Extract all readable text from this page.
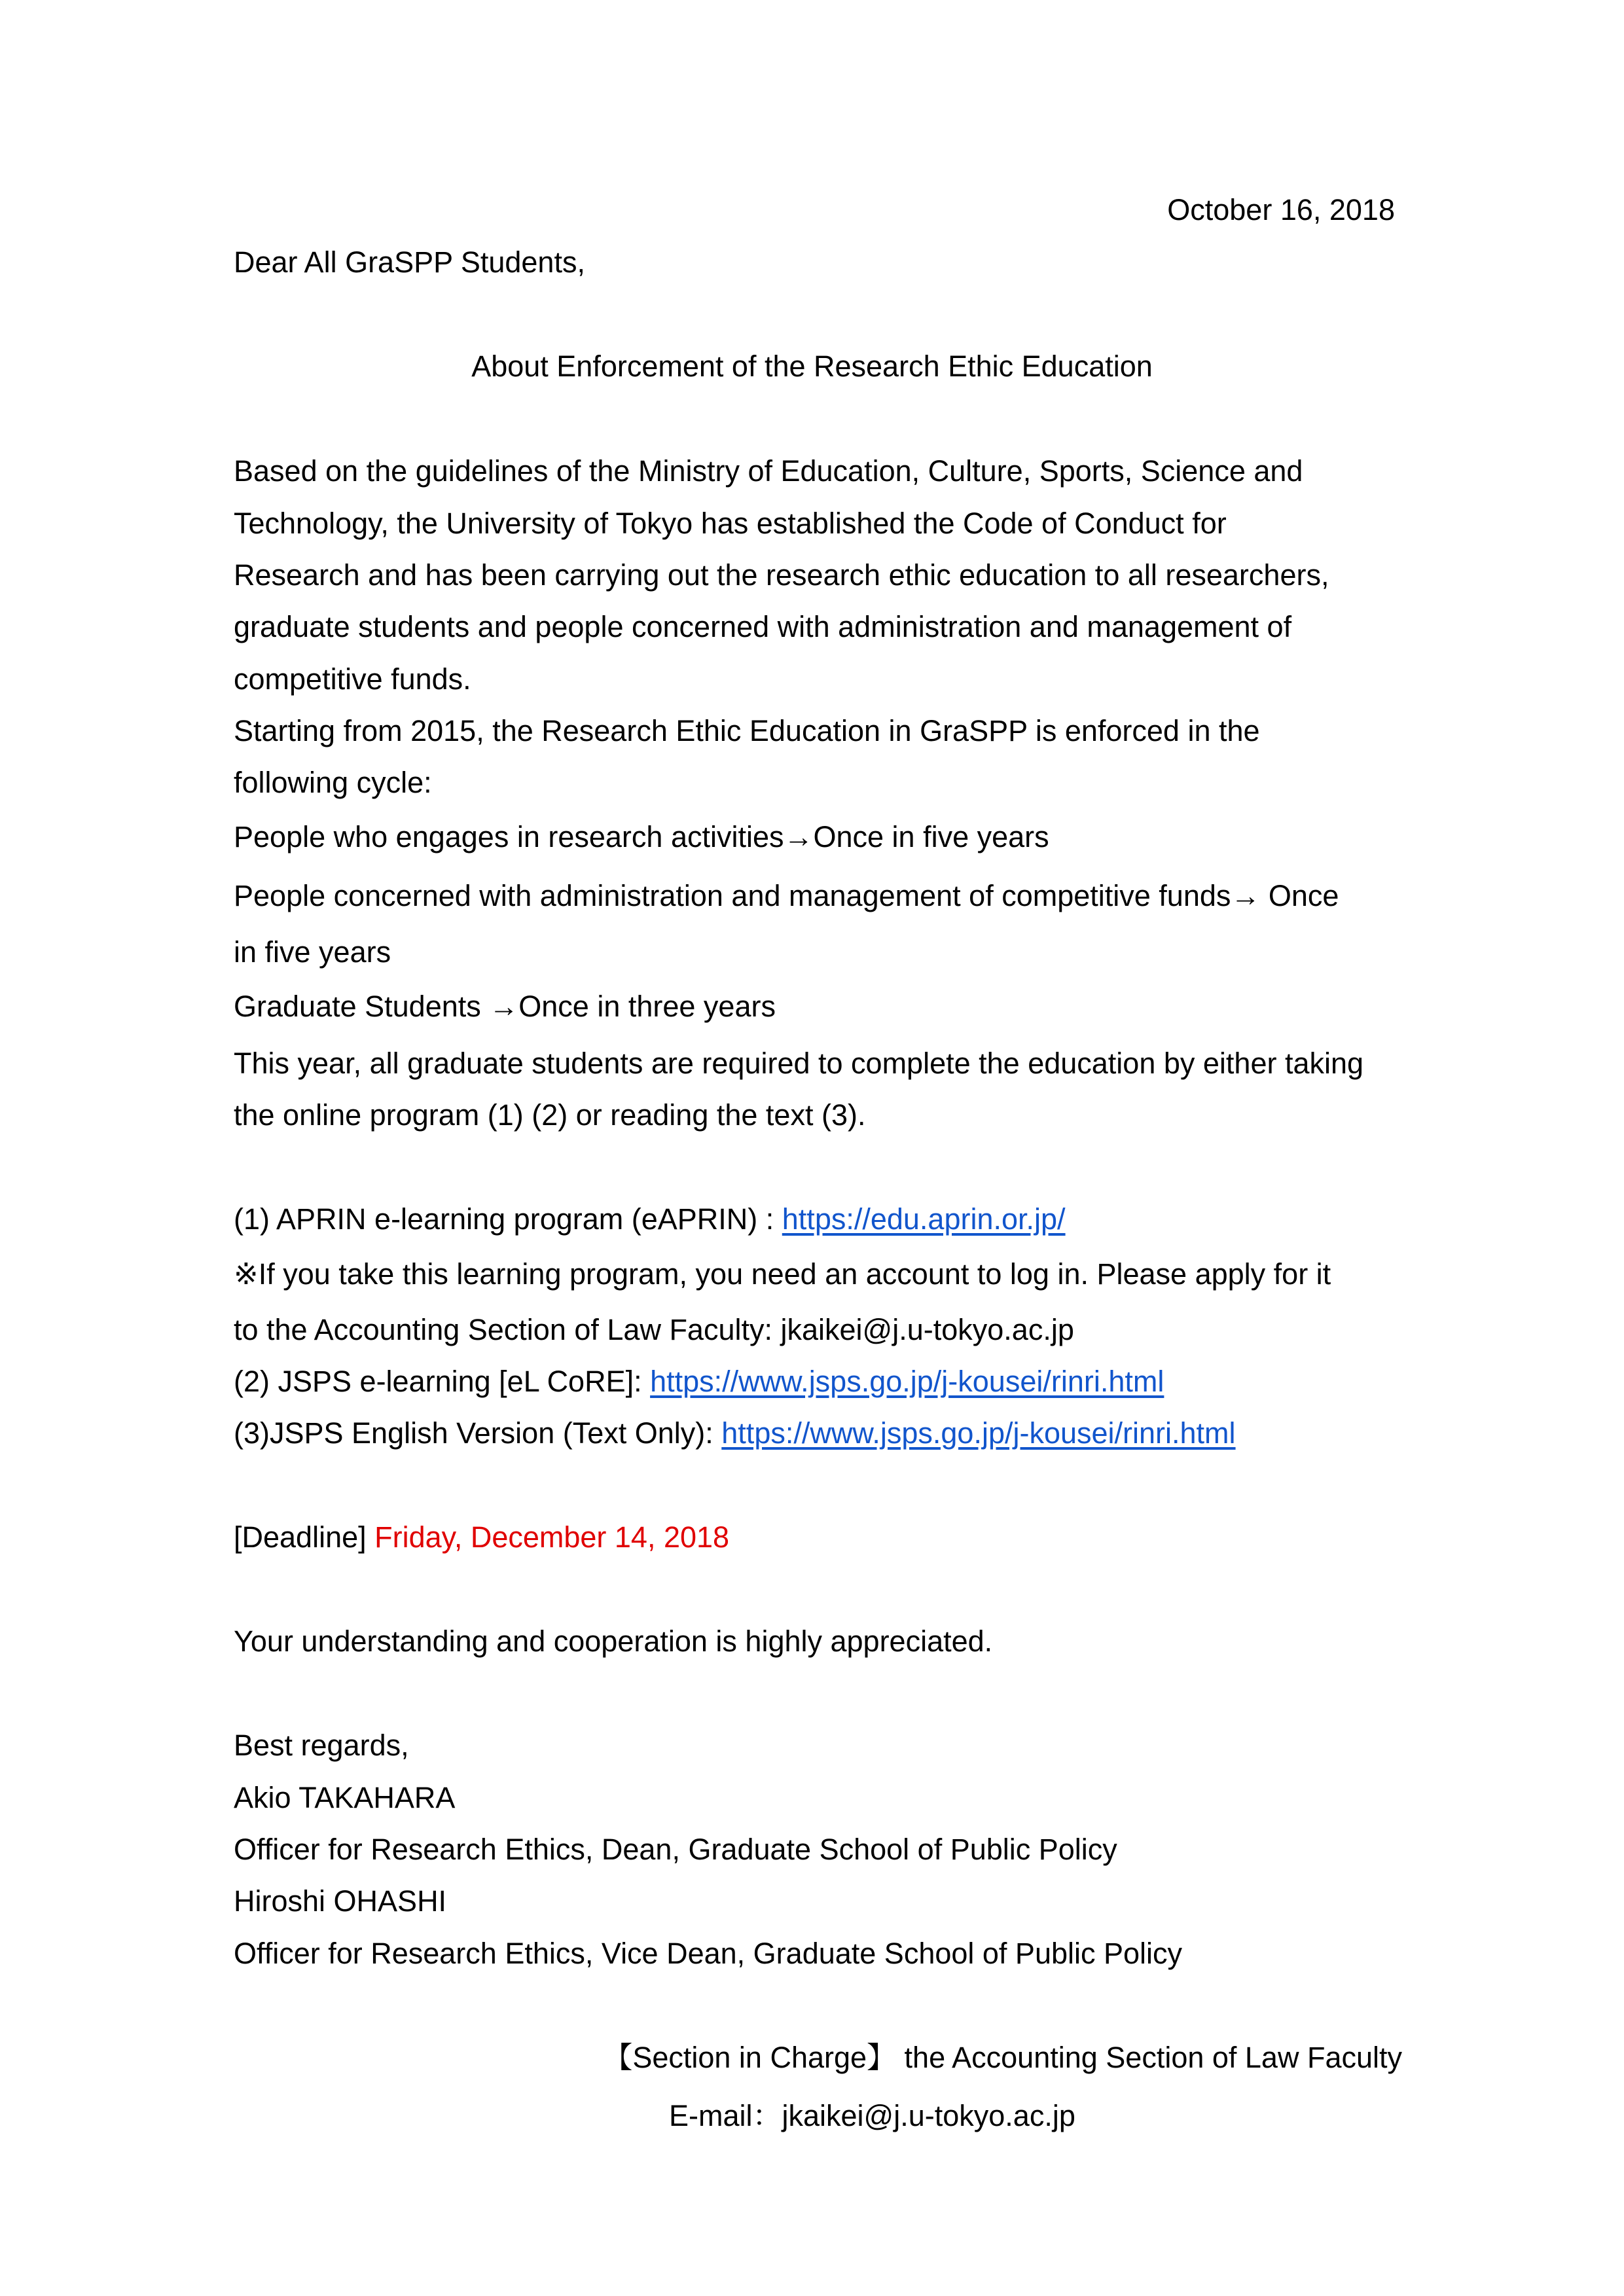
October 16, 2018
Dear All GraSPP Students,
About Enforcement of the Research Ethic Education
Based on the guidelines of the Ministry of Education, Culture, Sports, Science and
Technology, the University of Tokyo has established the Code of Conduct for
Research and has been carrying out the research ethic education to all researchers,
graduate students and people concerned with administration and management of
competitive funds.
Starting from 2015, the Research Ethic Education in GraSPP is enforced in the
following cycle:
People who engages in research activities→Once in five years
People concerned with administration and management of competitive funds→ Once
in five years
Graduate Students →Once in three years
This year, all graduate students are required to complete the education by either taking
the online program (1) (2) or reading the text (3).
(1) APRIN e-learning program (eAPRIN) : https://edu.aprin.or.jp/
※If you take this learning program, you need an account to log in. Please apply for it
to the Accounting Section of Law Faculty: jkaikei@j.u-tokyo.ac.jp
(2) JSPS e-learning [eL CoRE]: https://www.jsps.go.jp/j-kousei/rinri.html
(3)JSPS English Version (Text Only): https://www.jsps.go.jp/j-kousei/rinri.html
[Deadline] Friday, December 14, 2018
Your understanding and cooperation is highly appreciated.
Best regards,
Akio TAKAHARA
Officer for Research Ethics, Dean, Graduate School of Public Policy
Hiroshi OHASHI
Officer for Research Ethics, Vice Dean, Graduate School of Public Policy
【Section in Charge】 the Accounting Section of Law Faculty
E-mail：jkaikei@j.u-tokyo.ac.jp
